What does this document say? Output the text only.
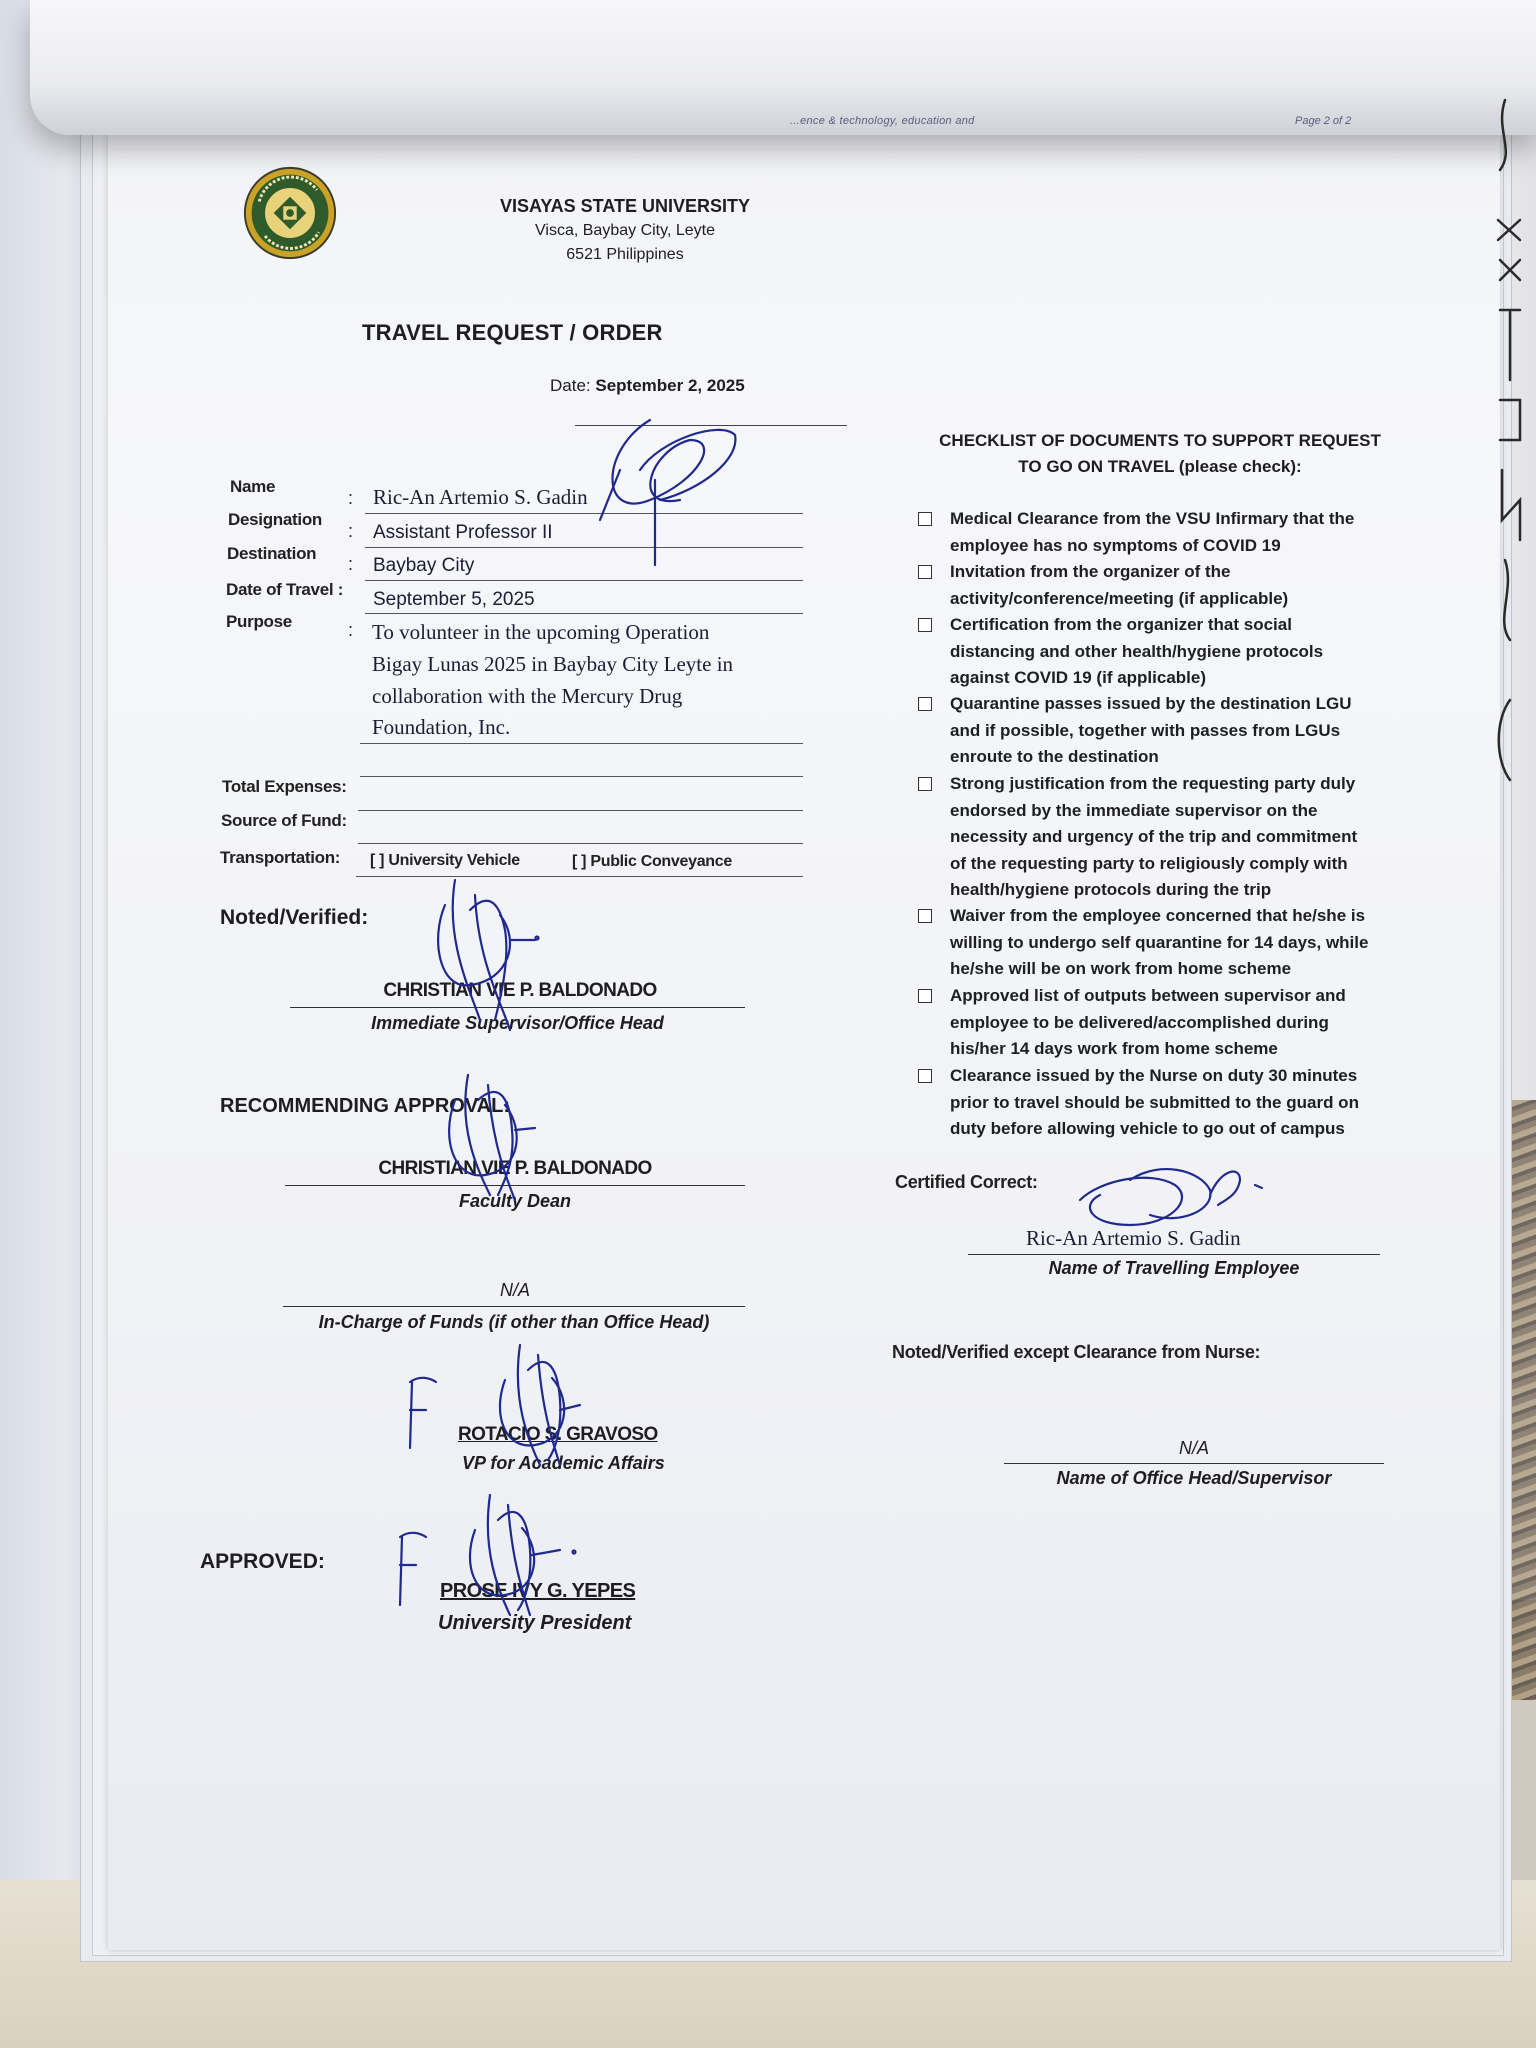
...ence & technology, education and	Page 2 of 2
VISAYAS STATE UNIVERSITY
Visca, Baybay City, Leyte
6521 Philippines
TRAVEL REQUEST / ORDER
Date: September 2, 2025
Name
: Ric-An Artemio S. Gadin
Designation
: Assistant Professor II
Destination
: Baybay City
Date of Travel : September 5, 2025
Purpose	: To volunteer in the upcoming Operation
Bigay Lunas 2025 in Baybay City Leyte in
collaboration with the Mercury Drug
Foundation, Inc.
Total Expenses:
Source of Fund:
Transportation: [ ] University Vehicle	[ ] Public Conveyance
CHECKLIST OF DOCUMENTS TO SUPPORT REQUEST
TO GO ON TRAVEL (please check):
Medical Clearance from the VSU Infirmary that the
employee has no symptoms of COVID 19
Invitation from the organizer of the
activity/conference/meeting (if applicable)
Certification from the organizer that social
distancing and other health/hygiene protocols
against COVID 19 (if applicable)
Quarantine passes issued by the destination LGU
and if possible, together with passes from LGUs
enroute to the destination
Strong justification from the requesting party duly
endorsed by the immediate supervisor on the
necessity and urgency of the trip and commitment
of the requesting party to religiously comply with
health/hygiene protocols during the trip
Waiver from the employee concerned that he/she is
willing to undergo self quarantine for 14 days, while
he/she will be on work from home scheme
Approved list of outputs between supervisor and
employee to be delivered/accomplished during
his/her 14 days work from home scheme
Clearance issued by the Nurse on duty 30 minutes
prior to travel should be submitted to the guard on
duty before allowing vehicle to go out of campus
Noted/Verified:
CHRISTIAN VIE P. BALDONADO
Immediate Supervisor/Office Head
RECOMMENDING APPROVAL:
CHRISTIAN VIE P. BALDONADO
Faculty Dean
N/A
In-Charge of Funds (if other than Office Head)
ROTACIO S. GRAVOSO
VP for Academic Affairs
APPROVED:
PROSE IVY G. YEPES
University President
Certified Correct:
Ric-An Artemio S. Gadin
Name of Travelling Employee
Noted/Verified except Clearance from Nurse:
N/A
Name of Office Head/Supervisor
